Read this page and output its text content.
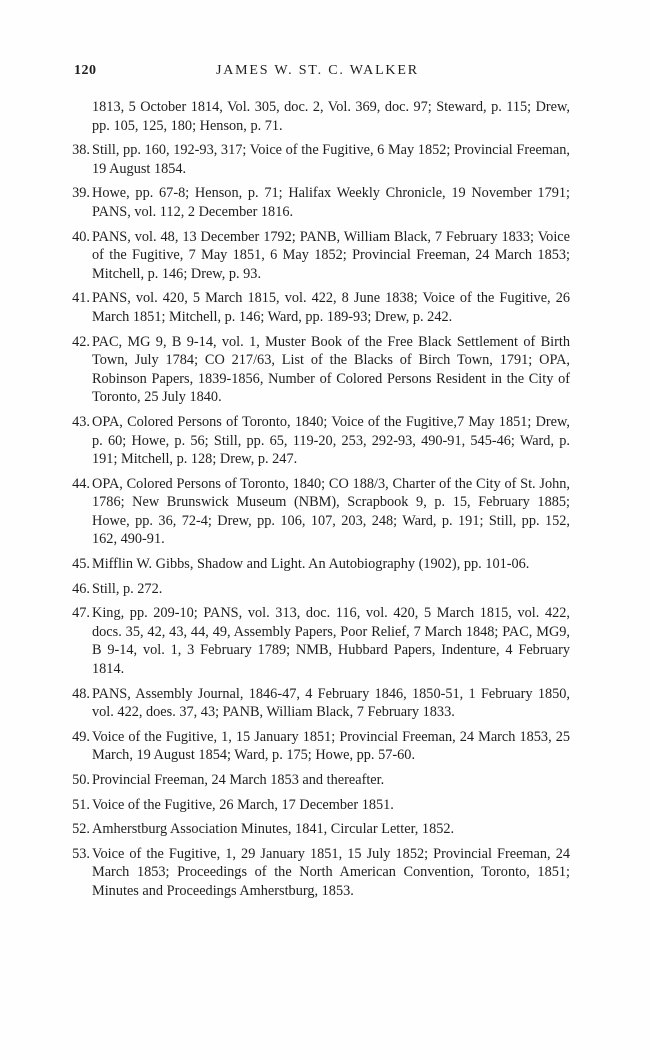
120	JAMES W. ST. C. WALKER
1813, 5 October 1814, Vol. 305, doc. 2, Vol. 369, doc. 97; Steward, p. 115; Drew, pp. 105, 125, 180; Henson, p. 71.
38. Still, pp. 160, 192-93, 317; Voice of the Fugitive, 6 May 1852; Provincial Freeman, 19 August 1854.
39. Howe, pp. 67-8; Henson, p. 71; Halifax Weekly Chronicle, 19 November 1791; PANS, vol. 112, 2 December 1816.
40. PANS, vol. 48, 13 December 1792; PANB, William Black, 7 February 1833; Voice of the Fugitive, 7 May 1851, 6 May 1852; Provincial Freeman, 24 March 1853; Mitchell, p. 146; Drew, p. 93.
41. PANS, vol. 420, 5 March 1815, vol. 422, 8 June 1838; Voice of the Fugitive, 26 March 1851; Mitchell, p. 146; Ward, pp. 189-93; Drew, p. 242.
42. PAC, MG 9, B 9-14, vol. 1, Muster Book of the Free Black Settlement of Birth Town, July 1784; CO 217/63, List of the Blacks of Birch Town, 1791; OPA, Robinson Papers, 1839-1856, Number of Colored Persons Resident in the City of Toronto, 25 July 1840.
43. OPA, Colored Persons of Toronto, 1840; Voice of the Fugitive,7 May 1851; Drew, p. 60; Howe, p. 56; Still, pp. 65, 119-20, 253, 292-93, 490-91, 545-46; Ward, p. 191; Mitchell, p. 128; Drew, p. 247.
44. OPA, Colored Persons of Toronto, 1840; CO 188/3, Charter of the City of St. John, 1786; New Brunswick Museum (NBM), Scrapbook 9, p. 15, February 1885; Howe, pp. 36, 72-4; Drew, pp. 106, 107, 203, 248; Ward, p. 191; Still, pp. 152, 162, 490-91.
45. Mifflin W. Gibbs, Shadow and Light. An Autobiography (1902), pp. 101-06.
46. Still, p. 272.
47. King, pp. 209-10; PANS, vol. 313, doc. 116, vol. 420, 5 March 1815, vol. 422, docs. 35, 42, 43, 44, 49, Assembly Papers, Poor Relief, 7 March 1848; PAC, MG9, B 9-14, vol. 1, 3 February 1789; NMB, Hubbard Papers, Indenture, 4 February 1814.
48. PANS, Assembly Journal, 1846-47, 4 February 1846, 1850-51, 1 February 1850, vol. 422, does. 37, 43; PANB, William Black, 7 February 1833.
49. Voice of the Fugitive, 1, 15 January 1851; Provincial Freeman, 24 March 1853, 25 March, 19 August 1854; Ward, p. 175; Howe, pp. 57-60.
50. Provincial Freeman, 24 March 1853 and thereafter.
51. Voice of the Fugitive, 26 March, 17 December 1851.
52. Amherstburg Association Minutes, 1841, Circular Letter, 1852.
53. Voice of the Fugitive, 1, 29 January 1851, 15 July 1852; Provincial Freeman, 24 March 1853; Proceedings of the North American Convention, Toronto, 1851; Minutes and Proceedings Amherstburg, 1853.
